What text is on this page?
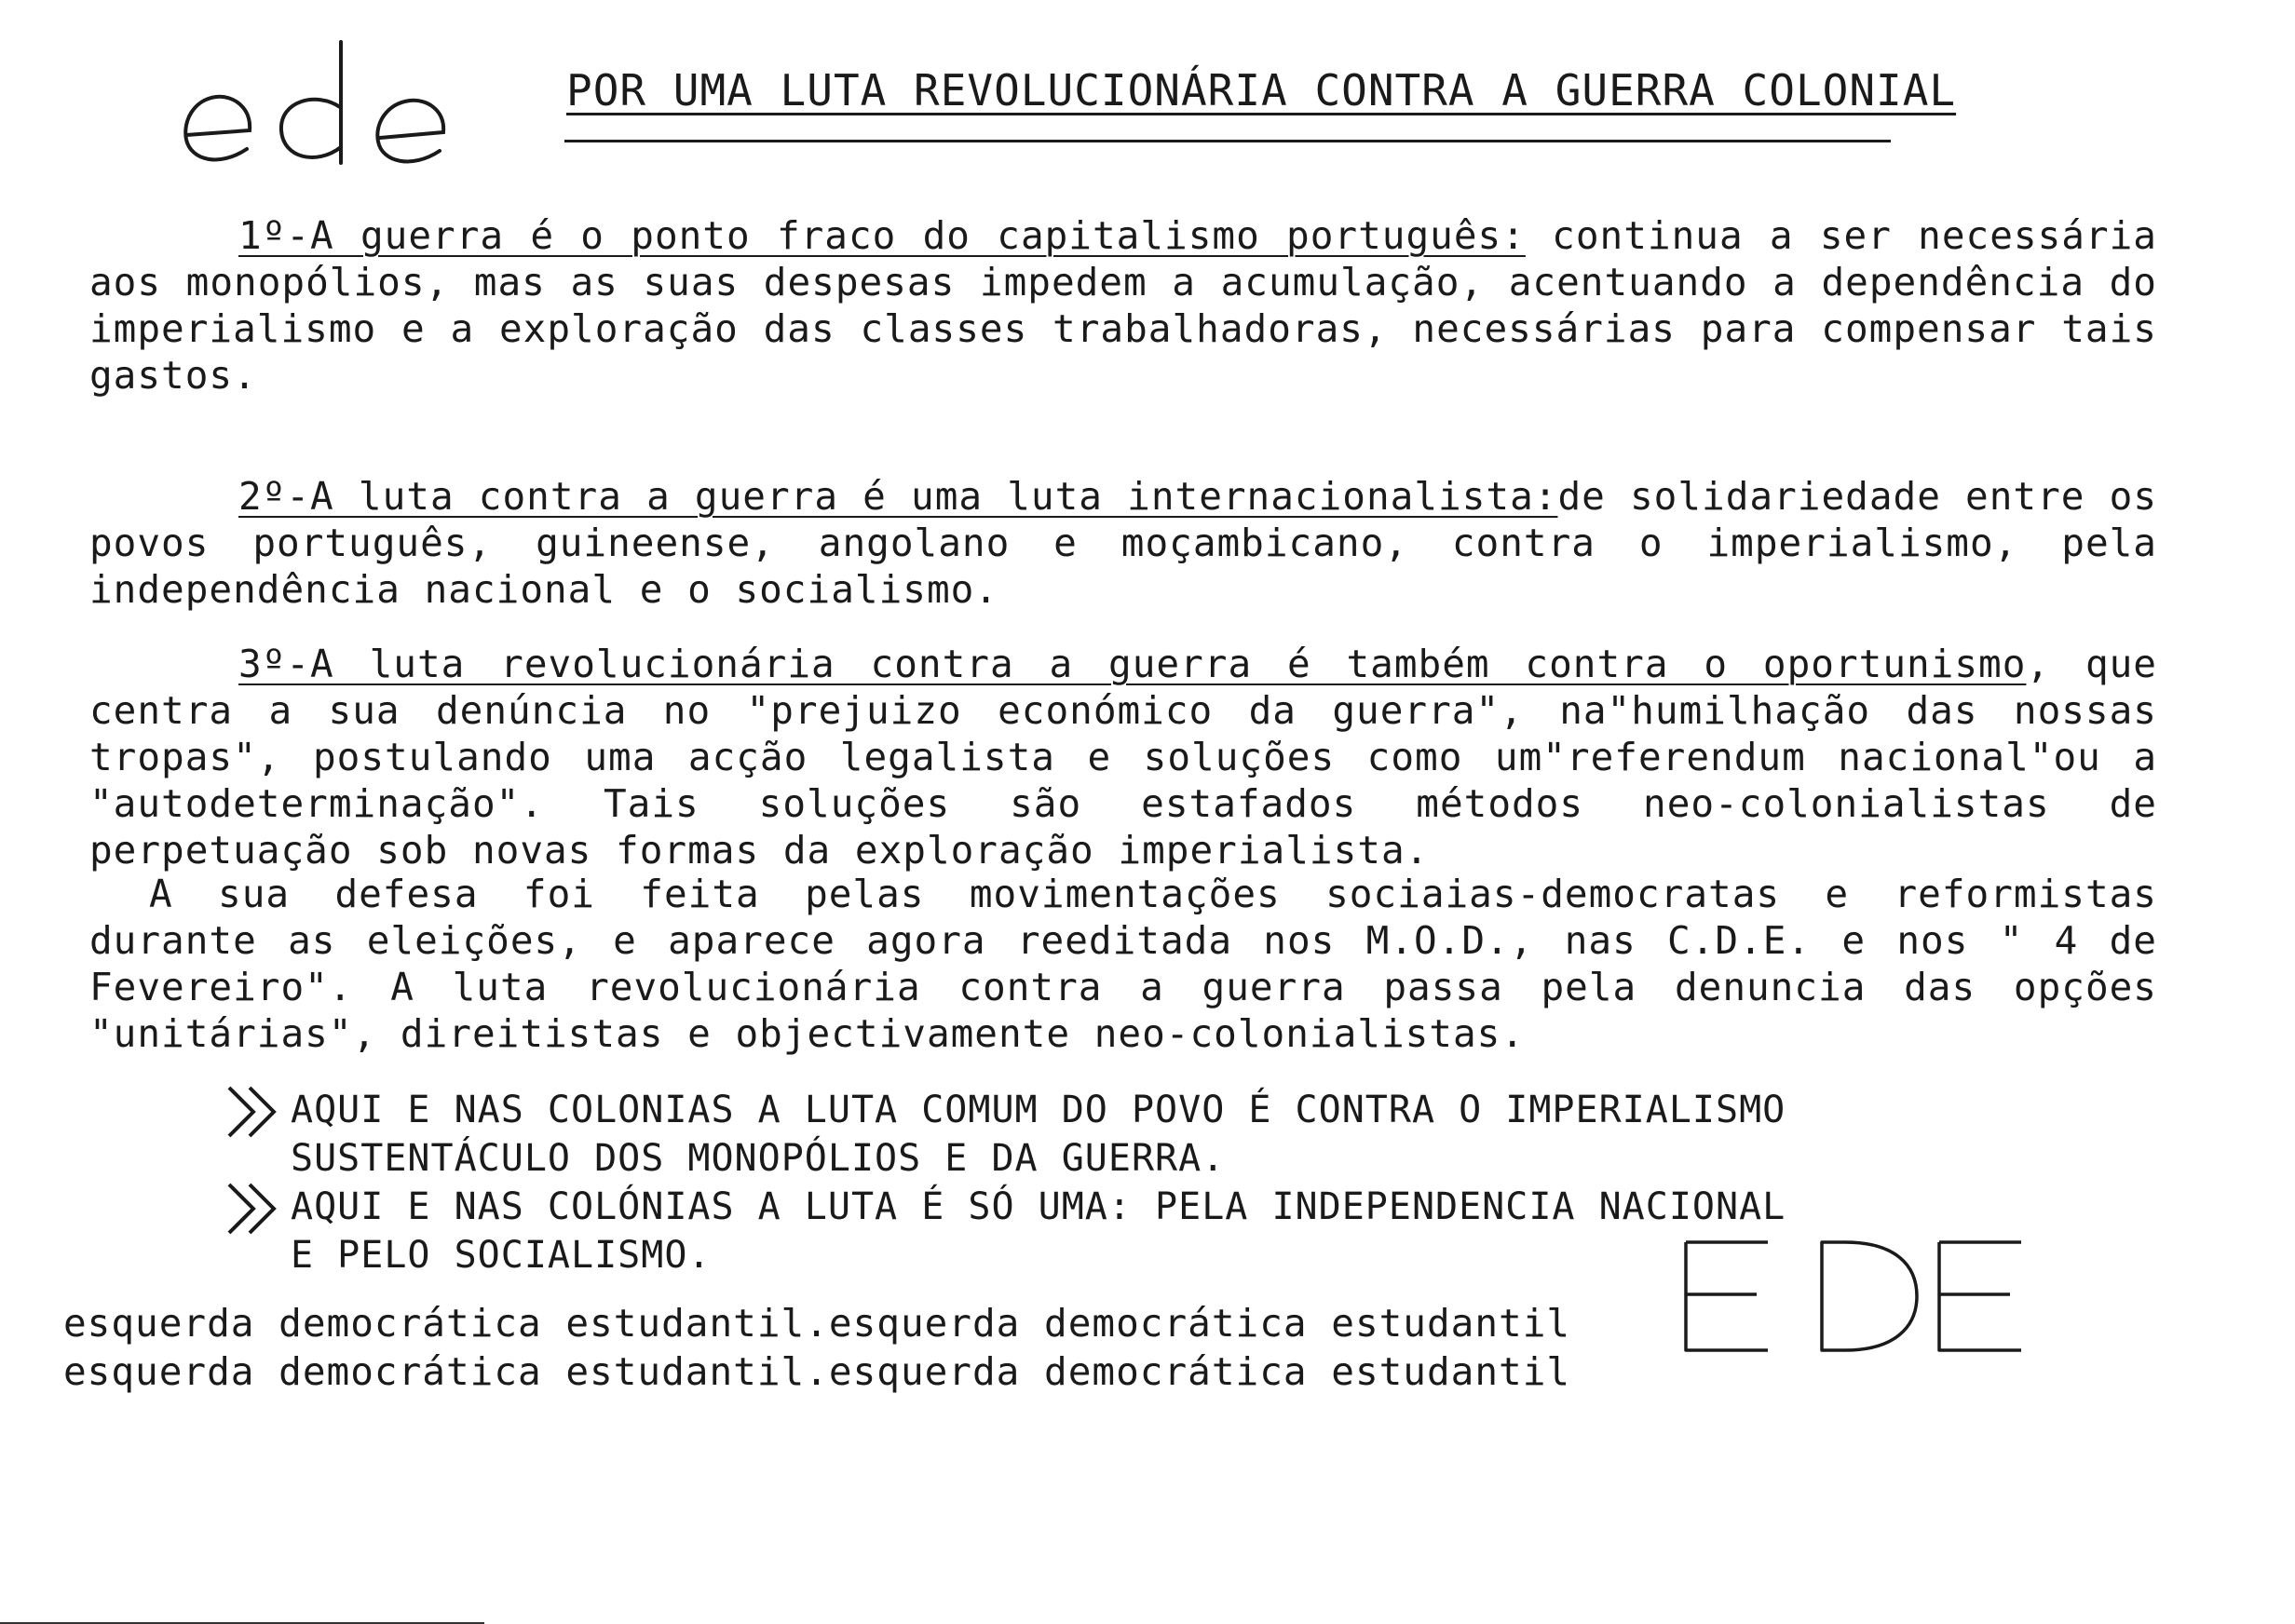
POR UMA LUTA REVOLUCIONÁRIA CONTRA A GUERRA COLONIAL
1º-A guerra é o ponto fraco do capitalismo português: continua a ser necessária aos monopólios, mas as suas despesas impedem a acumulação, acentuando a dependência do imperialismo e a exploração das classes trabalhadoras, necessárias para compensar tais gastos.
2º-A luta contra a guerra é uma luta internacionalista:de solidariedade entre os povos português, guineense, angolano e moçambicano, contra o imperialismo, pela independência nacional e o socialismo.
3º-A luta revolucionária contra a guerra é também contra o oportunismo, que centra a sua denúncia no "prejuizo económico da guerra", na"humilhação das nossas tropas", postulando uma acção legalista e soluções como um"referendum nacional"ou a "autodeterminação". Tais soluções são estafados métodos neo-colonialistas de perpetuação sob novas formas da exploração imperialista.
A sua defesa foi feita pelas movimentações sociaias-democratas e reformistas durante as eleições, e aparece agora reeditada nos M.O.D., nas C.D.E. e nos " 4 de Fevereiro". A luta revolucionária contra a guerra passa pela denuncia das opções "unitárias", direitistas e objectivamente neo-colonialistas.
AQUI E NAS COLONIAS A LUTA COMUM DO POVO É CONTRA O IMPERIALISMO
SUSTENTÁCULO DOS MONOPÓLIOS E DA GUERRA.
AQUI E NAS COLÓNIAS A LUTA É SÓ UMA: PELA INDEPENDENCIA NACIONAL
E PELO SOCIALISMO.
esquerda democrática estudantil.esquerda democrática estudantil
esquerda democrática estudantil.esquerda democrática estudantil
